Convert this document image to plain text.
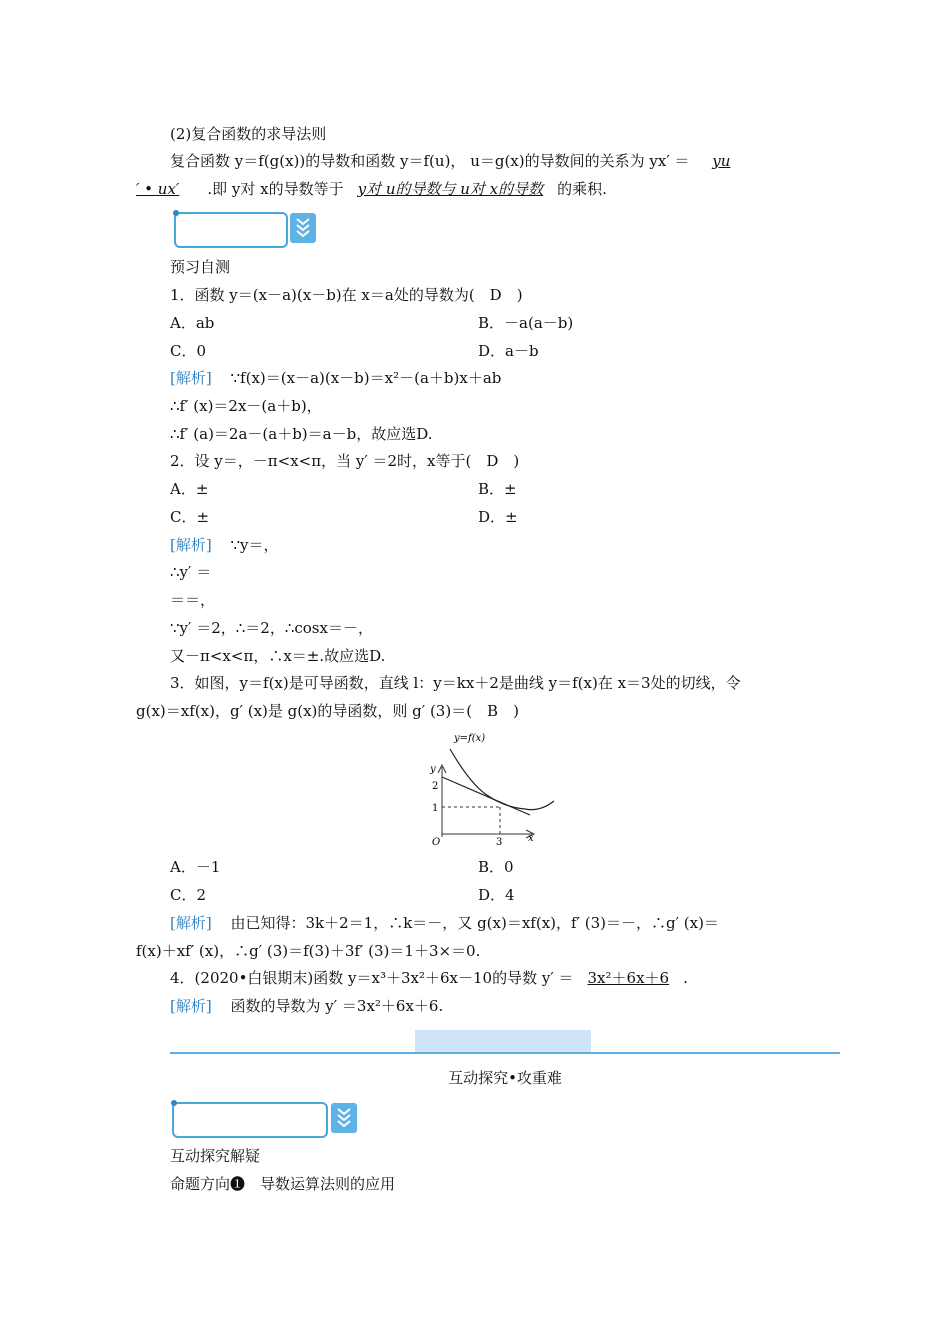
(2)复合函数的求导法则
复合函数 y＝f(g(x))的导数和函数 y＝f(u)， u＝g(x)的导数间的关系为 yx′ ＝ yu
′ • ux′ .即 y对 x的导数等于 y对 u的导数与 u对 x的导数 的乘积.
预习自测
1．函数 y＝(x－a)(x－b)在 x＝a处的导数为(　D　)
A．ab	B．－a(a－b)
C．0	D．a－b
[解析] ∵f(x)＝(x－a)(x－b)＝x²－(a＋b)x＋ab
∴f′ (x)＝2x－(a＋b)，
∴f′ (a)＝2a－(a＋b)＝a－b，故应选D.
2．设 y＝，－π<x<π，当 y′ ＝2时，x等于(　D　)
A．±	B．±
C．±	D．±
[解析] ∵y＝，
∴y′ ＝
＝＝，
∵y′ ＝2，∴＝2，∴cosx＝－，
又－π<x<π，∴x＝±.故应选D.
3．如图，y＝f(x)是可导函数，直线 l：y＝kx＋2是曲线 y＝f(x)在 x＝3处的切线，令
g(x)＝xf(x)，g′ (x)是 g(x)的导函数，则 g′ (3)＝(　B　)
y=f(x)
y
2
1
3	x
O
A．－1	B．0
C．2	D．4
[解析] 由已知得：3k＋2＝1，∴k＝－，又 g(x)＝xf(x)，f′ (3)＝－，∴g′ (x)＝
f(x)＋xf′ (x)，∴g′ (3)＝f(3)＋3f′ (3)＝1＋3×＝0.
4．(2020•白银期末)函数 y＝x³＋3x²＋6x－10的导数 y′ ＝ 3x²＋6x＋6 .
[解析] 函数的导数为 y′ ＝3x²＋6x＋6.
互动探究•攻重难
互动探究解疑
命题方向❶　导数运算法则的应用
